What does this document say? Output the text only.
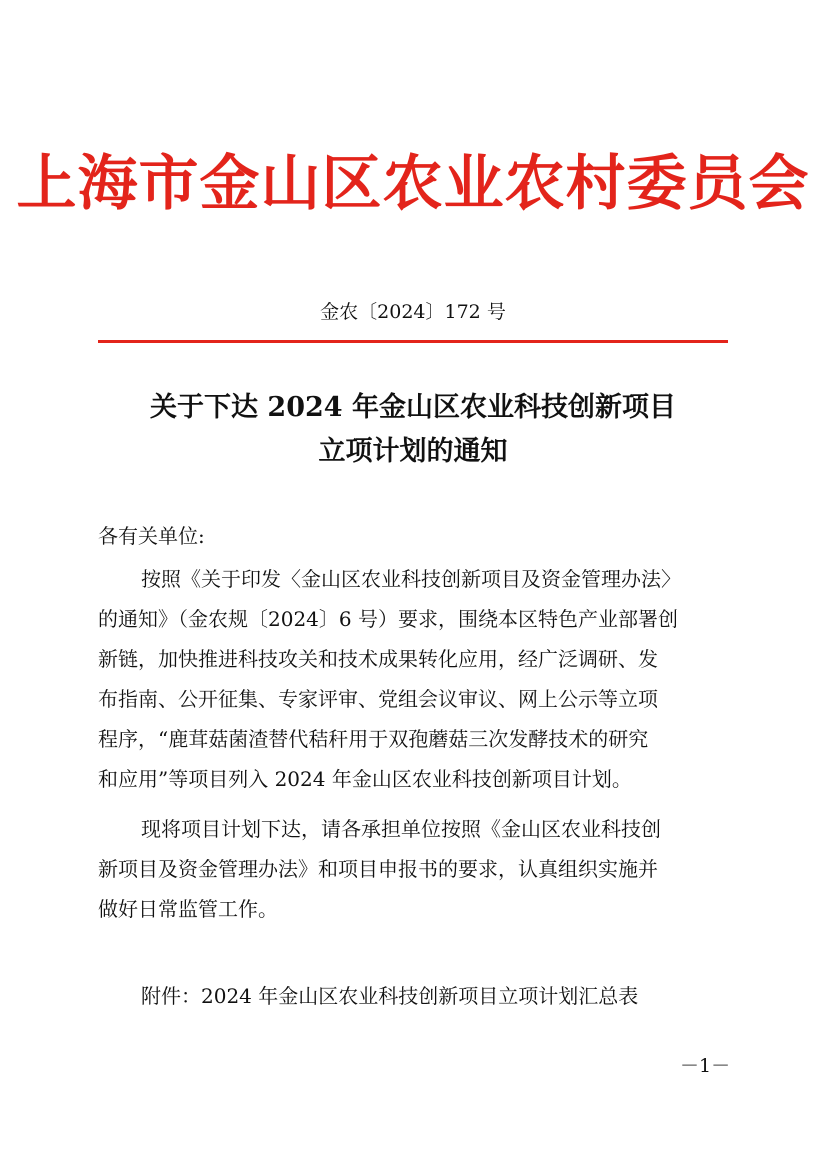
上海市金山区农业农村委员会
金农〔2024〕172 号
关于下达 2024 年金山区农业科技创新项目
立项计划的通知
各有关单位:
按照《关于印发〈金山区农业科技创新项目及资金管理办法〉
的通知》（金农规〔2024〕6 号）要求，围绕本区特色产业部署创
新链，加快推进科技攻关和技术成果转化应用，经广泛调研、发
布指南、公开征集、专家评审、党组会议审议、网上公示等立项
程序，“鹿茸菇菌渣替代秸秆用于双孢蘑菇三次发酵技术的研究
和应用”等项目列入 2024 年金山区农业科技创新项目计划。
现将项目计划下达，请各承担单位按照《金山区农业科技创
新项目及资金管理办法》和项目申报书的要求，认真组织实施并
做好日常监管工作。
附件：2024 年金山区农业科技创新项目立项计划汇总表
－1－
